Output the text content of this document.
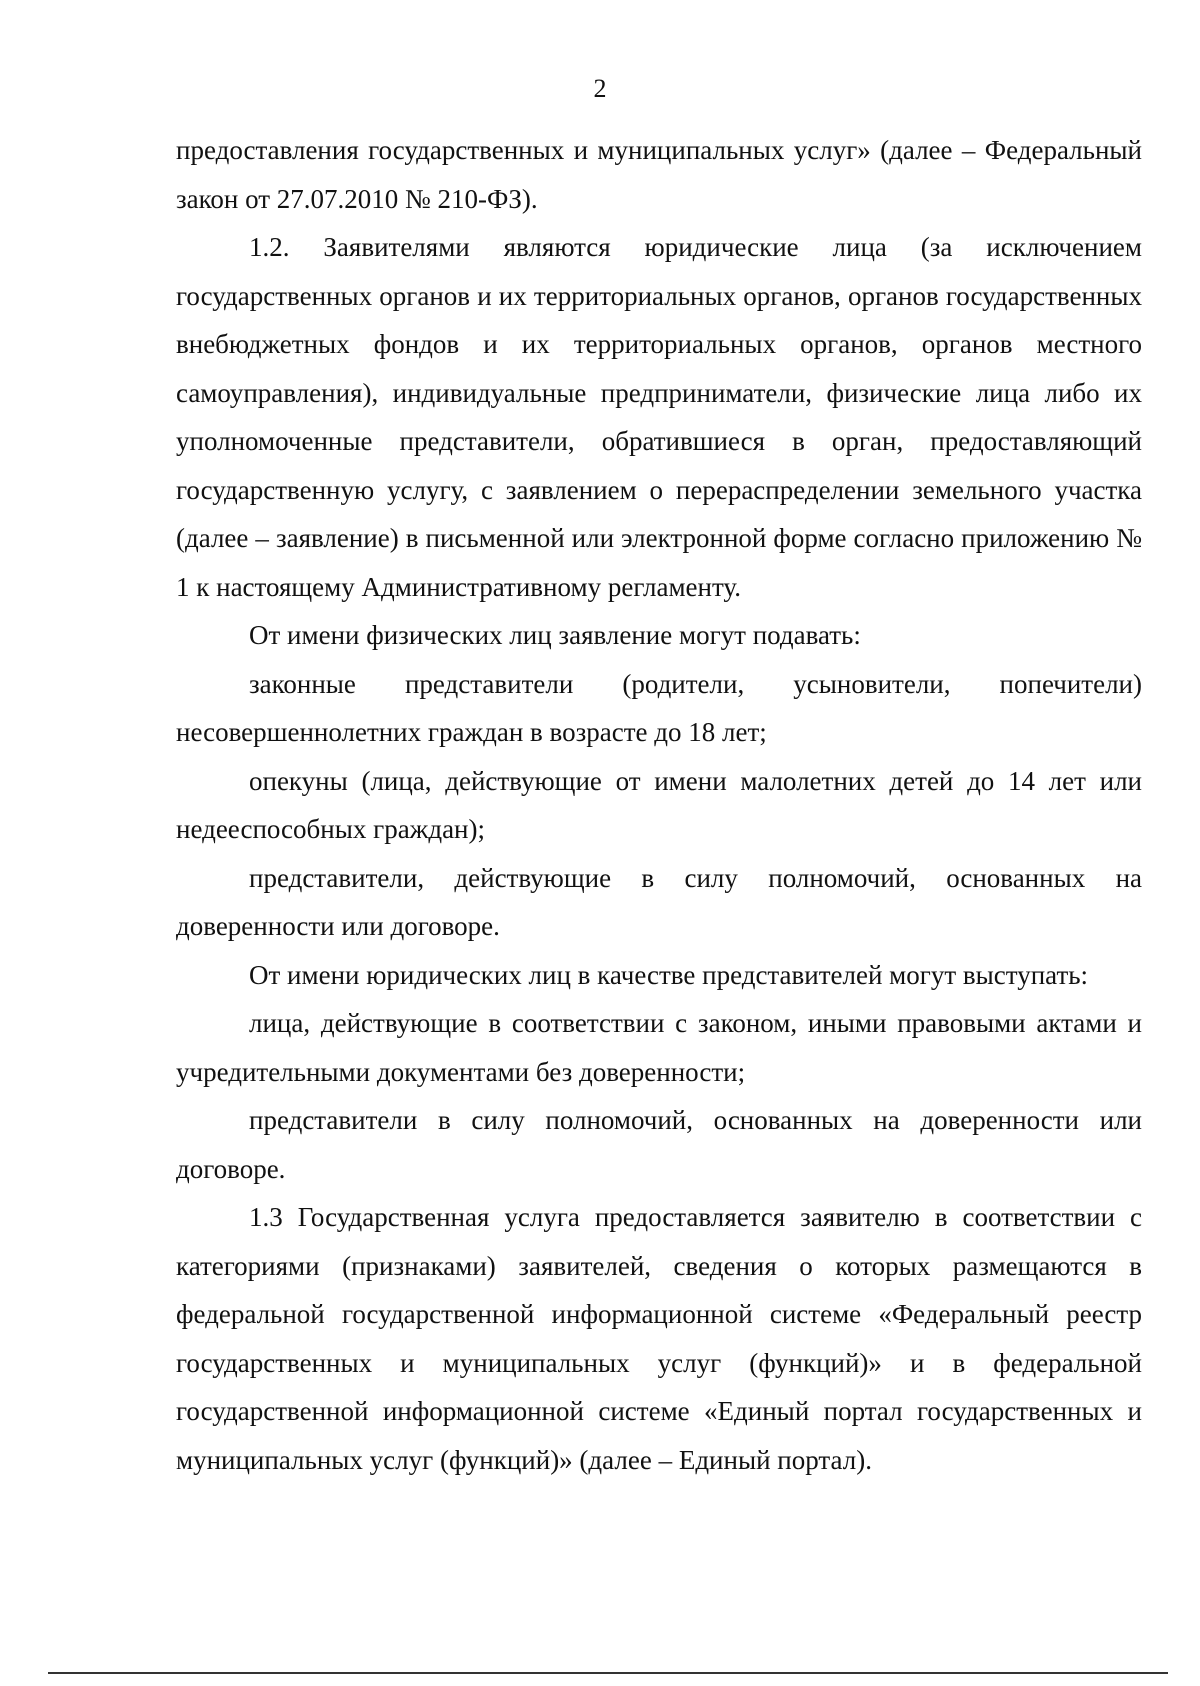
2

предоставления государственных и муниципальных услуг» (далее – Федеральный закон от 27.07.2010 № 210-ФЗ).

1.2. Заявителями являются юридические лица (за исключением государственных органов и их территориальных органов, органов государственных внебюджетных фондов и их территориальных органов, органов местного самоуправления), индивидуальные предприниматели, физические лица либо их уполномоченные представители, обратившиеся в орган, предоставляющий государственную услугу, с заявлением о перераспределении земельного участка (далее – заявление) в письменной или электронной форме согласно приложению № 1 к настоящему Административному регламенту.

От имени физических лиц заявление могут подавать:

законные представители (родители, усыновители, попечители) несовершеннолетних граждан в возрасте до 18 лет;

опекуны (лица, действующие от имени малолетних детей до 14 лет или недееспособных граждан);

представители, действующие в силу полномочий, основанных на доверенности или договоре.

От имени юридических лиц в качестве представителей могут выступать:

лица, действующие в соответствии с законом, иными правовыми актами и учредительными документами без доверенности;

представители в силу полномочий, основанных на доверенности или договоре.

1.3 Государственная услуга предоставляется заявителю в соответствии с категориями (признаками) заявителей, сведения о которых размещаются в федеральной государственной информационной системе «Федеральный реестр государственных и муниципальных услуг (функций)» и в федеральной государственной информационной системе «Единый портал государственных и муниципальных услуг (функций)» (далее – Единый портал).
